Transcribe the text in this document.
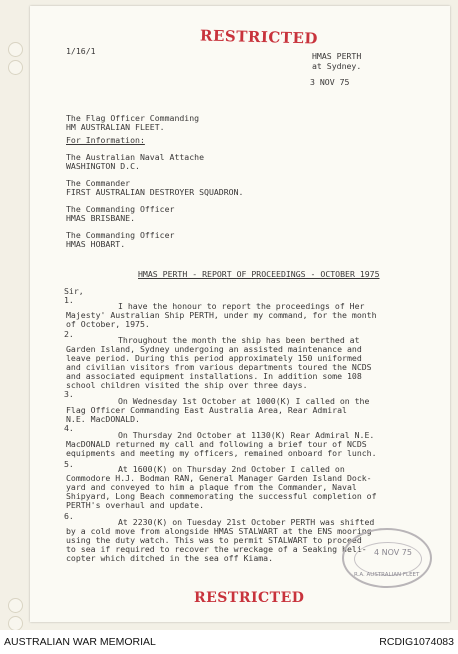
RESTRICTED
1/16/1	HMAS PERTH
at Sydney.
3 NOV 75
The Flag Officer Commanding
HM AUSTRALIAN FLEET.
For Information:
The Australian Naval Attache
WASHINGTON D.C.
The Commander
FIRST AUSTRALIAN DESTROYER SQUADRON.
The Commanding Officer
HMAS BRISBANE.
The Commanding Officer
HMAS HOBART.
HMAS PERTH - REPORT OF PROCEEDINGS - OCTOBER 1975
Sir,
1.
I have the honour to report the proceedings of Her
Majesty' Australian Ship PERTH, under my command, for the month
of October, 1975.
2.
Throughout the month the ship has been berthed at
Garden Island, Sydney undergoing an assisted maintenance and
leave period. During this period approximately 150 uniformed
and civilian visitors from various departments toured the NCDS
and associated equipment installations. In addition some 108
school children visited the ship over three days.
3.
On Wednesday 1st October at 1000(K) I called on the
Flag Officer Commanding East Australia Area, Rear Admiral
N.E. MacDONALD.
4.
On Thursday 2nd October at 1130(K) Rear Admiral N.E.
MacDONALD returned my call and following a brief tour of NCDS
equipments and meeting my officers, remained onboard for lunch.
5.	At 1600(K) on Thursday 2nd October I called on
Commodore H.J. Bodman RAN, General Manager Garden Island Dock-
yard and conveyed to him a plaque from the Commander, Naval
Shipyard, Long Beach commemorating the successful completion of
PERTH's overhaul and update.
6.
At 2230(K) on Tuesday 21st October PERTH was shifted
by a cold move from alongside HMAS STALWART at the ENS mooring
using the duty watch. This was to permit STALWART to proceed
to sea if required to recover the wreckage of a Seaking heli-
copter which ditched in the sea off Kiama.
4 NOV 75
R.A. AUSTRALIAN FLEET
RESTRICTED
AUSTRALIAN WAR MEMORIAL	RCDIG1074083
